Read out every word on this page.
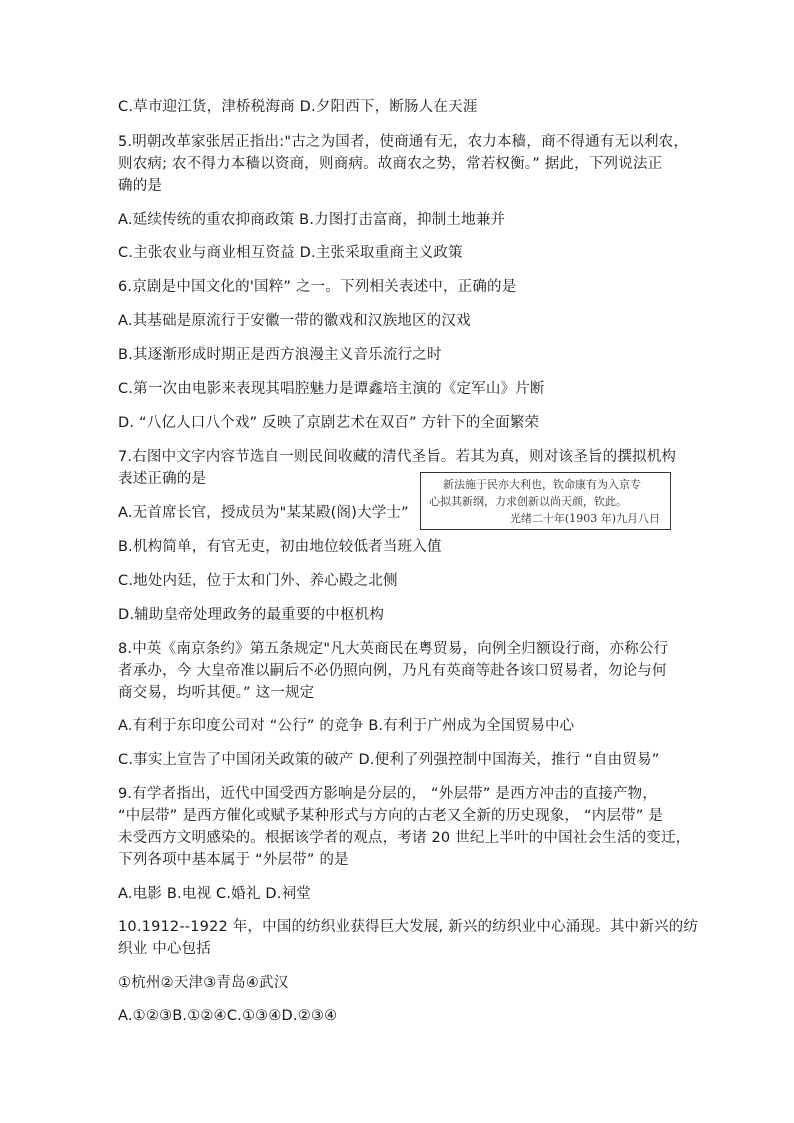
C.草市迎江货，津桥税海商 D.夕阳西下，断肠人在天涯
5.明朝改革家张居正指出:"古之为国者，使商通有无，农力本穑，商不得通有无以利农，
则农病; 农不得力本穑以资商，则商病。故商农之势，常若权衡。” 据此，下列说法正
确的是
A.延续传统的重农抑商政策 B.力图打击富商，抑制土地兼并
C.主张农业与商业相互资益 D.主张采取重商主义政策
6.京剧是中国文化的'国粹” 之一。下列相关表述中，正确的是
A.其基础是原流行于安徽一带的徽戏和汉族地区的汉戏
B.其逐渐形成时期正是西方浪漫主义音乐流行之时
C.第一次由电影来表现其唱腔魅力是谭鑫培主演的《定军山》片断
D. “八亿人口八个戏” 反映了京剧艺术在双百” 方针下的全面繁荣
7.右图中文字内容节选自一则民间收藏的清代圣旨。若其为真，则对该圣旨的撰拟机构
表述正确的是
A.无首席长官，授成员为"某某殿(阁)大学士”
B.机构简单，有官无吏，初由地位较低者当班入值
C.地处内廷，位于太和门外、养心殿之北侧
D.辅助皇帝处理政务的最重要的中枢机构
8.中英《南京条约》第五条规定"凡大英商民在粤贸易，向例全归额设行商，亦称公行
者承办，今 大皇帝准以嗣后不必仍照向例，乃凡有英商等赴各该口贸易者，勿论与何
商交易，均听其便。” 这一规定
A.有利于东印度公司对 “公行” 的竞争 B.有利于广州成为全国贸易中心
C.事实上宣告了中国闭关政策的破产 D.便利了列强控制中国海关，推行 “自由贸易”
9.有学者指出，近代中国受西方影响是分层的， “外层带” 是西方冲击的直接产物，
“中层带” 是西方催化或赋予某种形式与方向的古老又全新的历史现象， “内层带” 是
未受西方文明感染的。根据该学者的观点，考诸 20 世纪上半叶的中国社会生活的变迁，
下列各项中基本属于 “外层带” 的是
A.电影 B.电视 C.婚礼 D.祠堂
10.1912--1922 年，中国的纺织业获得巨大发展, 新兴的纺织业中心涌现。其中新兴的纺
织业 中心包括
①杭州②天津③青岛④武汉
A.①②③B.①②④C.①③④D.②③④
新法施于民亦大利也，钦命康有为入京专
心拟其新纲，力求创新以尚天颜，钦此。
光绪二十年(1903 年)九月八日
